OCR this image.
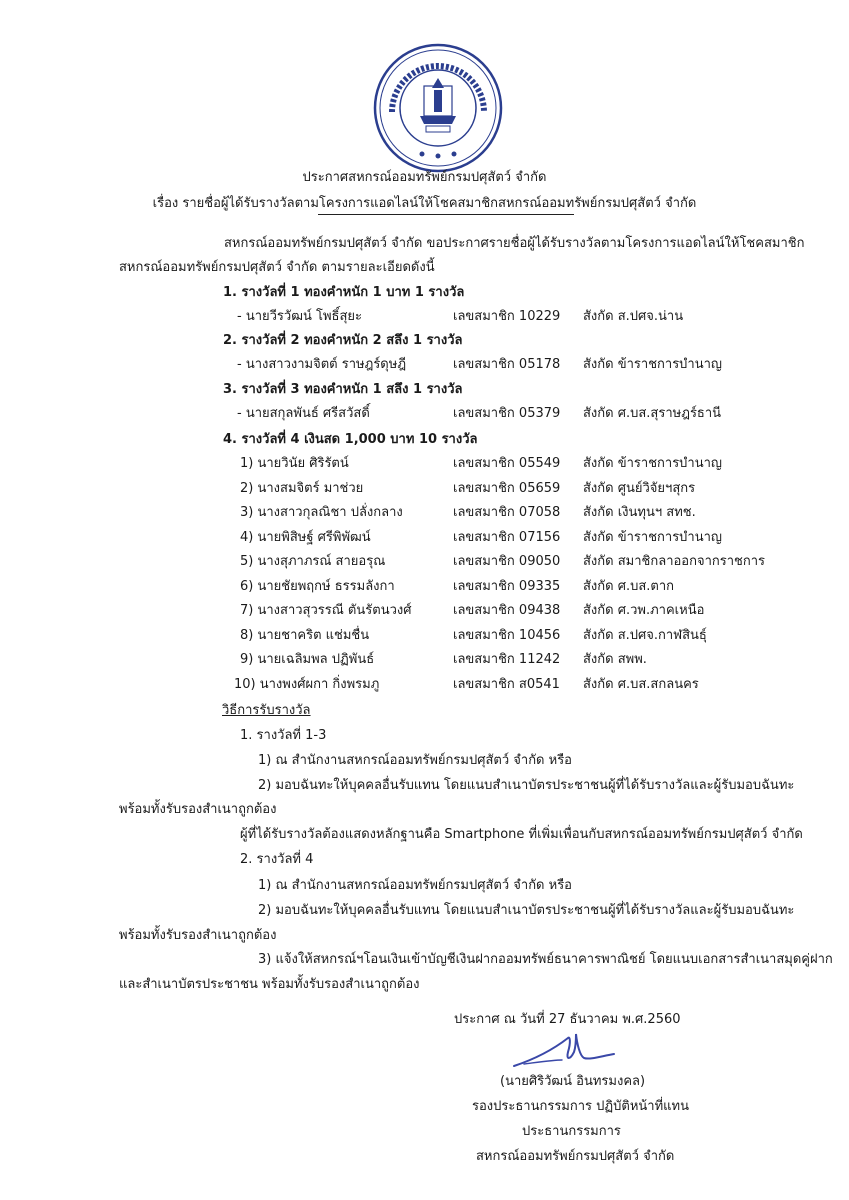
ประกาศสหกรณ์ออมทรัพย์กรมปศุสัตว์ จำกัด
เรื่อง รายชื่อผู้ได้รับรางวัลตามโครงการแอดไลน์ให้โชคสมาชิกสหกรณ์ออมทรัพย์กรมปศุสัตว์ จำกัด
สหกรณ์ออมทรัพย์กรมปศุสัตว์ จำกัด ขอประกาศรายชื่อผู้ได้รับรางวัลตามโครงการแอดไลน์ให้โชคสมาชิก
สหกรณ์ออมทรัพย์กรมปศุสัตว์ จำกัด ตามรายละเอียดดังนี้
1. รางวัลที่ 1 ทองคำหนัก 1 บาท 1 รางวัล
- นายวีรวัฒน์ โพธิ์สุยะ	เลขสมาชิก 10229 สังกัด ส.ปศจ.น่าน
2. รางวัลที่ 2 ทองคำหนัก 2 สลึง 1 รางวัล
- นางสาวงามจิตต์ ราษฎร์ดุษฎี	เลขสมาชิก 05178 สังกัด ข้าราชการบำนาญ
3. รางวัลที่ 3 ทองคำหนัก 1 สลึง 1 รางวัล
- นายสกุลพันธ์ ศรีสวัสดิ์	เลขสมาชิก 05379 สังกัด ศ.บส.สุราษฎร์ธานี
4. รางวัลที่ 4 เงินสด 1,000 บาท 10 รางวัล
1) นายวินัย ศิริรัตน์	เลขสมาชิก 05549 สังกัด ข้าราชการบำนาญ
2) นางสมจิตร์ มาช่วย	เลขสมาชิก 05659 สังกัด ศูนย์วิจัยฯสุกร
3) นางสาวกุลณิชา ปลั่งกลาง	เลขสมาชิก 07058 สังกัด เงินทุนฯ สทช.
4) นายพิสิษฐ์ ศรีพิพัฒน์	เลขสมาชิก 07156 สังกัด ข้าราชการบำนาญ
5) นางสุภาภรณ์ สายอรุณ	เลขสมาชิก 09050 สังกัด สมาชิกลาออกจากราชการ
6) นายชัยพฤกษ์ ธรรมลังกา	เลขสมาชิก 09335 สังกัด ศ.บส.ตาก
7) นางสาวสุวรรณี ตันรัตนวงศ์	เลขสมาชิก 09438 สังกัด ศ.วพ.ภาคเหนือ
8) นายชาคริต แช่มชื่น	เลขสมาชิก 10456 สังกัด ส.ปศจ.กาฬสินธุ์
9) นายเฉลิมพล ปฏิพันธ์	เลขสมาชิก 11242 สังกัด สพพ.
10) นางพงศ์ผกา กิ่งพรมภู	เลขสมาชิก ส0541 สังกัด ศ.บส.สกลนคร
วิธีการรับรางวัล
1. รางวัลที่ 1-3
1) ณ สำนักงานสหกรณ์ออมทรัพย์กรมปศุสัตว์ จำกัด หรือ
2) มอบฉันทะให้บุคคลอื่นรับแทน โดยแนบสำเนาบัตรประชาชนผู้ที่ได้รับรางวัลและผู้รับมอบฉันทะ
พร้อมทั้งรับรองสำเนาถูกต้อง
ผู้ที่ได้รับรางวัลต้องแสดงหลักฐานคือ Smartphone ที่เพิ่มเพื่อนกับสหกรณ์ออมทรัพย์กรมปศุสัตว์ จำกัด
2. รางวัลที่ 4
1) ณ สำนักงานสหกรณ์ออมทรัพย์กรมปศุสัตว์ จำกัด หรือ
2) มอบฉันทะให้บุคคลอื่นรับแทน โดยแนบสำเนาบัตรประชาชนผู้ที่ได้รับรางวัลและผู้รับมอบฉันทะ
พร้อมทั้งรับรองสำเนาถูกต้อง
3) แจ้งให้สหกรณ์ฯโอนเงินเข้าบัญชีเงินฝากออมทรัพย์ธนาคารพาณิชย์ โดยแนบเอกสารสำเนาสมุดคู่ฝาก
และสำเนาบัตรประชาชน พร้อมทั้งรับรองสำเนาถูกต้อง
ประกาศ ณ วันที่ 27 ธันวาคม พ.ศ.2560
(นายศิริวัฒน์ อินทรมงคล)
รองประธานกรรมการ ปฏิบัติหน้าที่แทน
ประธานกรรมการ
สหกรณ์ออมทรัพย์กรมปศุสัตว์ จำกัด
